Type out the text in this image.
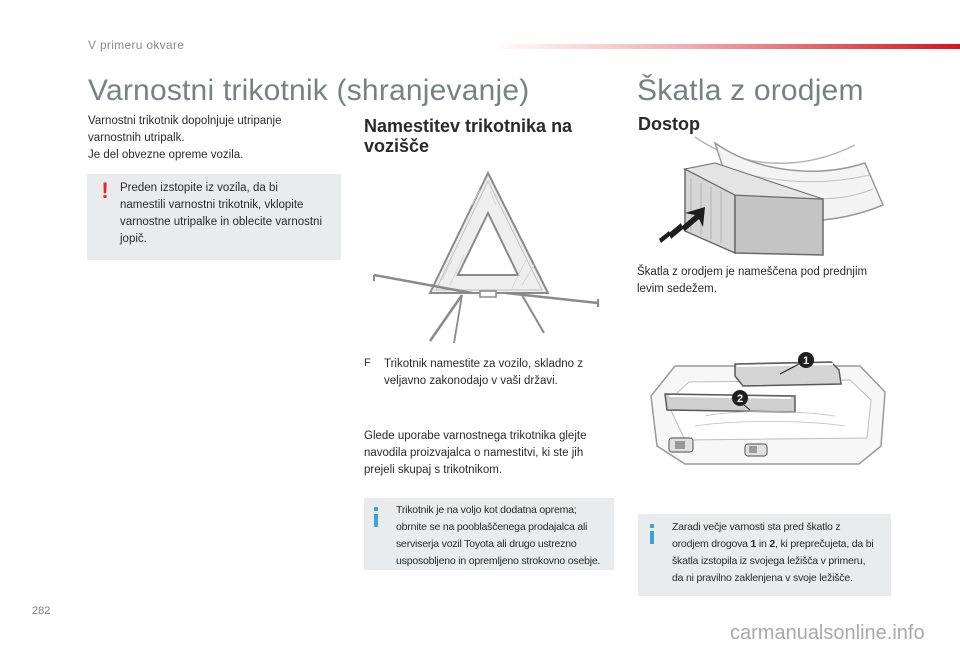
V primeru okvare
Varnostni trikotnik (shranjevanje)
Varnostni trikotnik dopolnjuje utripanje
varnostnih utripalk.
Je del obvezne opreme vozila.
! Preden izstopite iz vozila, da bi
namestili varnostni trikotnik, vklopite
varnostne utripalke in oblecite varnostni
jopič.
Namestitev trikotnika na
vozišče
F Trikotnik namestite za vozilo, skladno z
veljavno zakonodajo v vaši državi.
Glede uporabe varnostnega trikotnika glejte
navodila proizvajalca o namestitvi, ki ste jih
prejeli skupaj s trikotnikom.
Trikotnik je na voljo kot dodatna oprema;
obrnite se na pooblaščenega prodajalca ali
serviserja vozil Toyota ali drugo ustrezno
usposobljeno in opremljeno strokovno osebje.
Škatla z orodjem
Dostop
Škatla z orodjem je nameščena pod prednjim
levim sedežem.
1
2
Zaradi večje varnosti sta pred škatlo z
orodjem drogova 1 in 2, ki preprečujeta, da bi
škatla izstopila iz svojega ležišča v primeru,
da ni pravilno zaklenjena v svoje ležišče.
282
carmanualsonline.info
